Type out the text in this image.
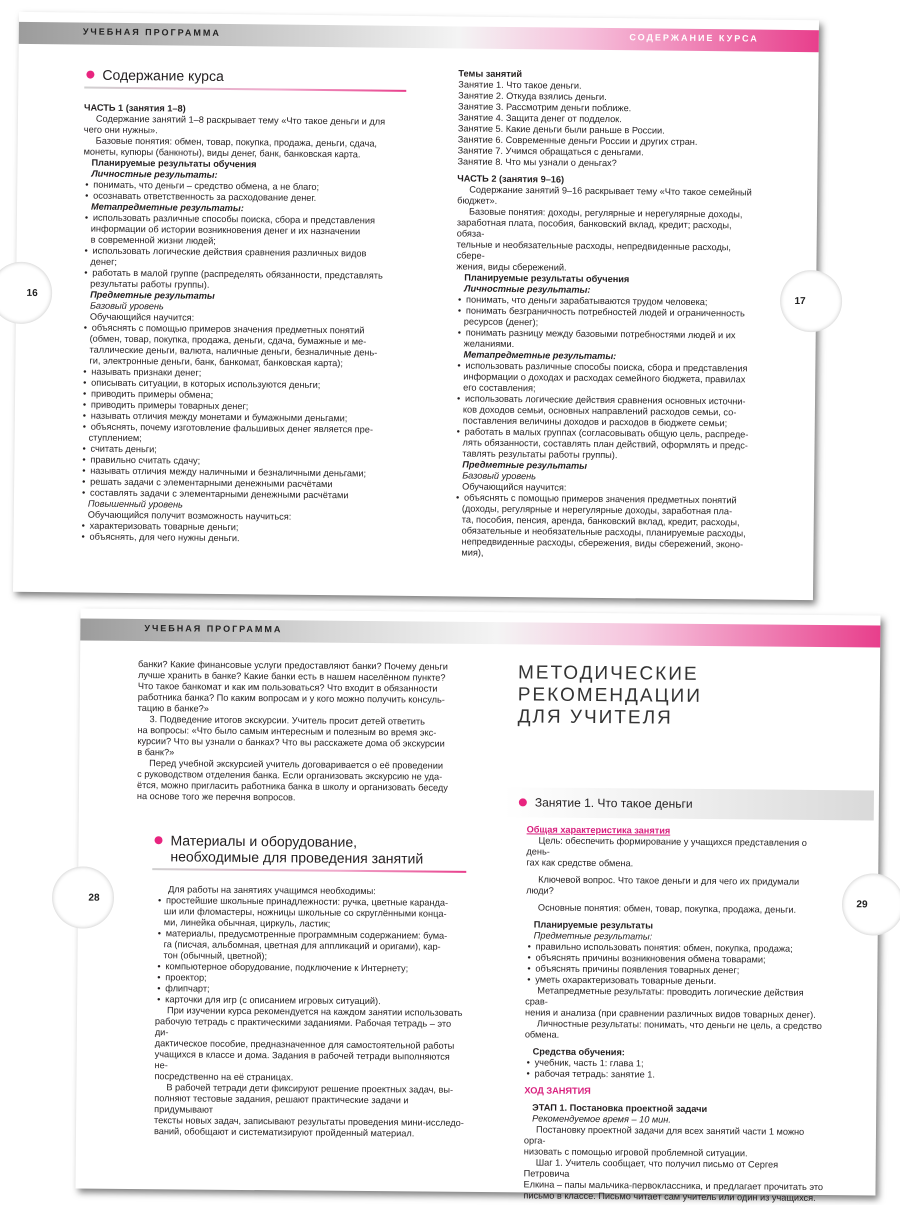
УЧЕБНАЯ ПРОГРАММА	СОДЕРЖАНИЕ КУРСА
16
17
Содержание курса

ЧАСТЬ 1 (занятия 1–8)

Содержание занятий 1–8 раскрывает тему «Что такое деньги и для

чего они нужны».

Базовые понятия: обмен, товар, покупка, продажа, деньги, сдача,

монеты, купюры (банкноты), виды денег, банк, банковская карта.

Планируемые результаты обучения

Личностные результаты:

• понимать, что деньги – средство обмена, а не благо;

• осознавать ответственность за расходование денег.

Метапредметные результаты:

• использовать различные способы поиска, сбора и представления

информации об истории возникновения денег и их назначении

в современной жизни людей;

• использовать логические действия сравнения различных видов

денег;

• работать в малой группе (распределять обязанности, представлять

результаты работы группы).

Предметные результаты

Базовый уровень

Обучающийся научится:

• объяснять с помощью примеров значения предметных понятий

(обмен, товар, покупка, продажа, деньги, сдача, бумажные и ме-

таллические деньги, валюта, наличные деньги, безналичные день-

ги, электронные деньги, банк, банкомат, банковская карта);

• называть признаки денег;

• описывать ситуации, в которых используются деньги;

• приводить примеры обмена;

• приводить примеры товарных денег;

• называть отличия между монетами и бумажными деньгами;

• объяснять, почему изготовление фальшивых денег является пре-

ступлением;

• считать деньги;

• правильно считать сдачу;

• называть отличия между наличными и безналичными деньгами;

• решать задачи с элементарными денежными расчётами

• составлять задачи с элементарными денежными расчётами

Повышенный уровень

Обучающийся получит возможность научиться:

• характеризовать товарные деньги;

• объяснять, для чего нужны деньги.

Темы занятий

Занятие 1. Что такое деньги.

Занятие 2. Откуда взялись деньги.

Занятие 3. Рассмотрим деньги поближе.

Занятие 4. Защита денег от подделок.

Занятие 5. Какие деньги были раньше в России.

Занятие 6. Современные деньги России и других стран.

Занятие 7. Учимся обращаться с деньгами.

Занятие 8. Что мы узнали о деньгах?

ЧАСТЬ 2 (занятия 9–16)

Содержание занятий 9–16 раскрывает тему «Что такое семейный

бюджет».

Базовые понятия: доходы, регулярные и нерегулярные доходы,

заработная плата, пособия, банковский вклад, кредит; расходы, обяза-

тельные и необязательные расходы, непредвиденные расходы, сбере-

жения, виды сбережений.

Планируемые результаты обучения

Личностные результаты:

• понимать, что деньги зарабатываются трудом человека;

• понимать безграничность потребностей людей и ограниченность

ресурсов (денег);

• понимать разницу между базовыми потребностями людей и их

желаниями.

Метапредметные результаты:

• использовать различные способы поиска, сбора и представления

информации о доходах и расходах семейного бюджета, правилах

его составления;

• использовать логические действия сравнения основных источни-

ков доходов семьи, основных направлений расходов семьи, со-

поставления величины доходов и расходов в бюджете семьи;

• работать в малых группах (согласовывать общую цель, распреде-

лять обязанности, составлять план действий, оформлять и предс-

тавлять результаты работы группы).

Предметные результаты

Базовый уровень

Обучающийся научится:

• объяснять с помощью примеров значения предметных понятий

(доходы, регулярные и нерегулярные доходы, заработная пла-

та, пособия, пенсия, аренда, банковский вклад, кредит, расходы,

обязательные и необязательные расходы, планируемые расходы,

непредвиденные расходы, сбережения, виды сбережений, эконо-

мия),

УЧЕБНАЯ ПРОГРАММА
28
29

банки? Какие финансовые услуги предоставляют банки? Почему деньги

лучше хранить в банке? Какие банки есть в нашем населённом пункте?

Что такое банкомат и как им пользоваться? Что входит в обязанности

работника банка? По каким вопросам и у кого можно получить консуль-

тацию в банке?»

3. Подведение итогов экскурсии. Учитель просит детей ответить

на вопросы: «Что было самым интересным и полезным во время экс-

курсии? Что вы узнали о банках? Что вы расскажете дома об экскурсии

в банк?»

Перед учебной экскурсией учитель договаривается о её проведении

с руководством отделения банка. Если организовать экскурсию не уда-

ётся, можно пригласить работника банка в школу и организовать беседу

на основе того же перечня вопросов.

Материалы и оборудование,
необходимые для проведения занятий

Для работы на занятиях учащимся необходимы:

• простейшие школьные принадлежности: ручка, цветные каранда-

ши или фломастеры, ножницы школьные со скруглёнными конца-

ми, линейка обычная, циркуль, ластик;

• материалы, предусмотренные программным содержанием: бума-

га (писчая, альбомная, цветная для аппликаций и оригами), кар-

тон (обычный, цветной);

• компьютерное оборудование, подключение к Интернету;

• проектор;

• флипчарт;

• карточки для игр (с описанием игровых ситуаций).

При изучении курса рекомендуется на каждом занятии использовать

рабочую тетрадь с практическими заданиями. Рабочая тетрадь – это ди-

дактическое пособие, предназначенное для самостоятельной работы

учащихся в классе и дома. Задания в рабочей тетради выполняются не-

посредственно на её страницах.

В рабочей тетради дети фиксируют решение проектных задач, вы-

полняют тестовые задания, решают практические задачи и придумывают

тексты новых задач, записывают результаты проведения мини-исследо-

ваний, обобщают и систематизируют пройденный материал.

МЕТОДИЧЕСКИЕ
РЕКОМЕНДАЦИИ
ДЛЯ УЧИТЕЛЯ
Занятие 1. Что такое деньги

Общая характеристика занятия

Цель: обеспечить формирование у учащихся представления о день-

гах как средстве обмена.

Ключевой вопрос. Что такое деньги и для чего их придумали люди?

Основные понятия: обмен, товар, покупка, продажа, деньги.

Планируемые результаты

Предметные результаты:

• правильно использовать понятия: обмен, покупка, продажа;

• объяснять причины возникновения обмена товарами;

• объяснять причины появления товарных денег;

• уметь охарактеризовать товарные деньги.

Метапредметные результаты: проводить логические действия срав-

нения и анализа (при сравнении различных видов товарных денег).

Личностные результаты: понимать, что деньги не цель, а средство

обмена.

Средства обучения:

• учебник, часть 1: глава 1;

• рабочая тетрадь: занятие 1.

ХОД ЗАНЯТИЯ

ЭТАП 1. Постановка проектной задачи

Рекомендуемое время – 10 мин.

Постановку проектной задачи для всех занятий части 1 можно орга-

низовать с помощью игровой проблемной ситуации.

Шаг 1. Учитель сообщает, что получил письмо от Сергея Петровича

Елкина – папы мальчика-первоклассника, и предлагает прочитать это

письмо в классе. Письмо читает сам учитель или один из учащихся.
